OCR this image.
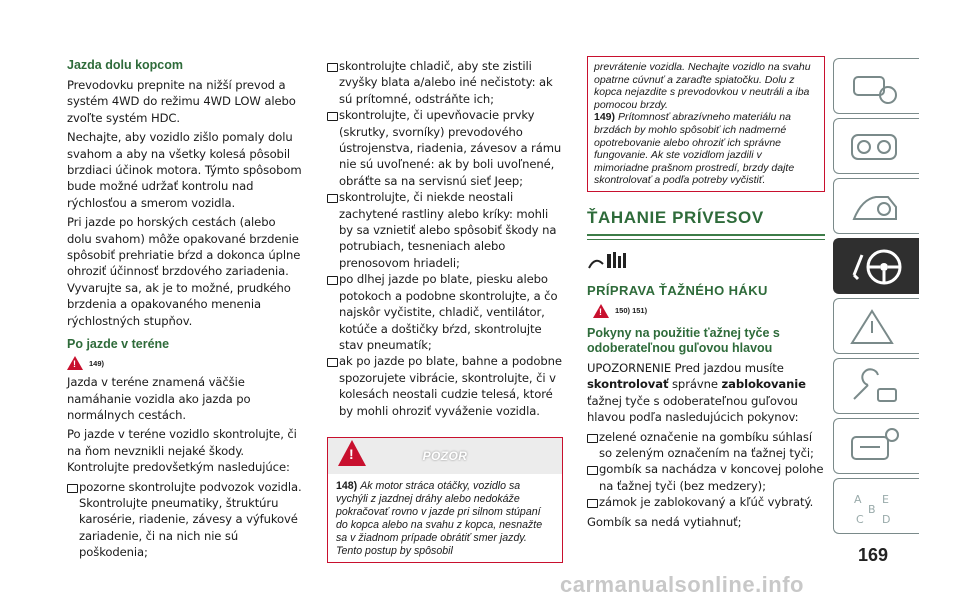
Jazda dolu kopcom

Prevodovku prepnite na nižší prevod a systém 4WD do režimu 4WD LOW alebo zvoľte systém HDC.

Nechajte, aby vozidlo zišlo pomaly dolu svahom a aby na všetky kolesá pôsobil brzdiaci účinok motora. Týmto spôsobom bude možné udržať kontrolu nad rýchlosťou a smerom vozidla.

Pri jazde po horských cestách (alebo dolu svahom) môže opakované brzdenie spôsobiť prehriatie bŕzd a dokonca úplne ohroziť účinnosť brzdového zariadenia. Vyvarujte sa, ak je to možné, prudkého brzdenia a opakovaného menenia rýchlostných stupňov.

Po jazde v teréne
! 149)

Jazda v teréne znamená väčšie namáhanie vozidla ako jazda po normálnych cestách.

Po jazde v teréne vozidlo skontrolujte, či na ňom nevznikli nejaké škody. Kontrolujte predovšetkým nasledujúce:

pozorne skontrolujte podvozok vozidla. Skontrolujte pneumatiky, štruktúru karosérie, riadenie, závesy a výfukové zariadenie, či na nich nie sú poškodenia;

skontrolujte chladič, aby ste zistili zvyšky blata a/alebo iné nečistoty: ak sú prítomné, odstráňte ich;
skontrolujte, či upevňovacie prvky (skrutky, svorníky) prevodového ústrojenstva, riadenia, závesov a rámu nie sú uvoľnené: ak by boli uvoľnené, obráťte sa na servisnú sieť Jeep;
skontrolujte, či niekde neostali zachytené rastliny alebo kríky: mohli by sa vznietiť alebo spôsobiť škody na potrubiach, tesneniach alebo prenosovom hriadeli;
po dlhej jazde po blate, piesku alebo potokoch a podobne skontrolujte, a čo najskôr vyčistite, chladič, ventilátor, kotúče a doštičky bŕzd, skontrolujte stav pneumatík;
ak po jazde po blate, bahne a podobne spozorujete vibrácie, skontrolujte, či v kolesách neostali cudzie telesá, ktoré by mohli ohroziť vyváženie vozidla.

!	POZOR
148) Ak motor stráca otáčky, vozidlo sa vychýli z jazdnej dráhy alebo nedokáže pokračovať rovno v jazde pri silnom stúpaní do kopca alebo na svahu z kopca, nesnažte sa v žiadnom prípade obrátiť smer jazdy. Tento postup by spôsobil
prevrátenie vozidla. Nechajte vozidlo na svahu opatrne cúvnuť a zaraďte spiatočku. Dolu z kopca nejazdite s prevodovkou v neutráli a iba pomocou brzdy.
149) Prítomnosť abrazívneho materiálu na brzdách by mohlo spôsobiť ich nadmerné opotrebovanie alebo ohroziť ich správne fungovanie. Ak ste vozidlom jazdili v mimoriadne prašnom prostredí, brzdy dajte skontrolovať a podľa potreby vyčistiť.
ŤAHANIE PRÍVESOV
PRÍPRAVA ŤAŽNÉHO HÁKU
! 150) 151)
Pokyny na použitie ťažnej tyče s odoberateľnou guľovou hlavou

UPOZORNENIE Pred jazdou musíte skontrolovať správne zablokovanie ťažnej tyče s odoberateľnou guľovou hlavou podľa nasledujúcich pokynov:

zelené označenie na gombíku súhlasí so zeleným označením na ťažnej tyči;
gombík sa nachádza v koncovej polohe na ťažnej tyči (bez medzery);
zámok je zablokovaný a kľúč vybratý.

Gombík sa nedá vytiahnuť;

A
B
E
C D
169
carmanualsonline.info
